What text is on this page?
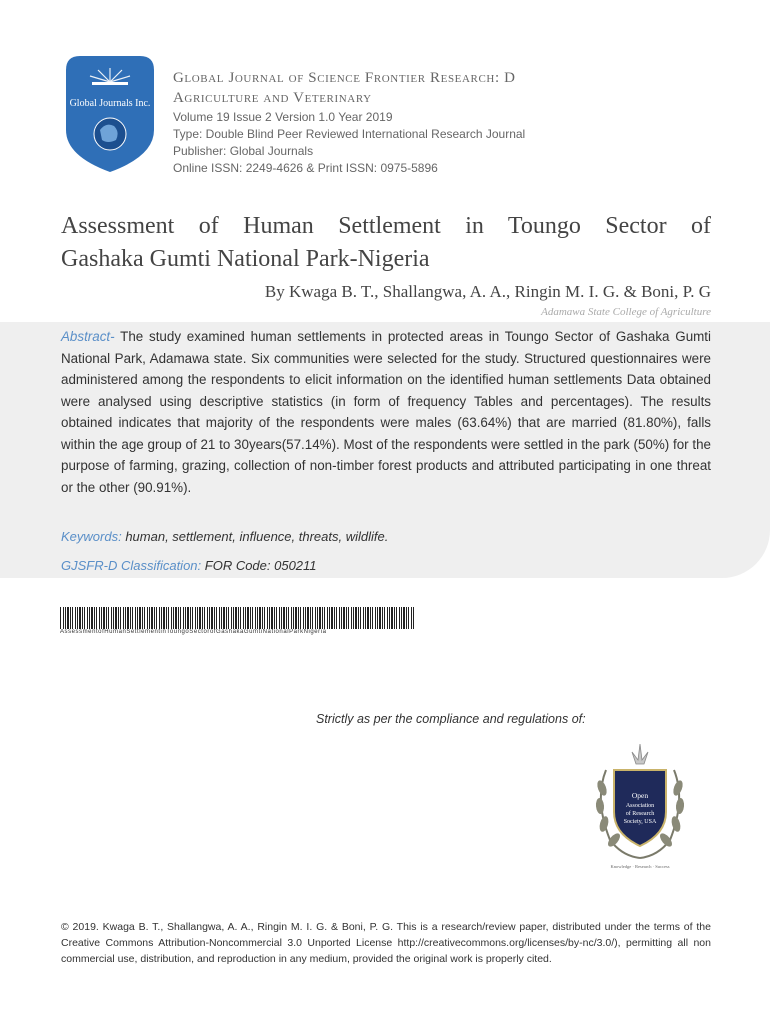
Global Journals Inc.
Global Journal of Science Frontier Research: D
Agriculture and Veterinary
Volume 19 Issue 2 Version 1.0 Year 2019
Type: Double Blind Peer Reviewed International Research Journal
Publisher: Global Journals
Online ISSN: 2249-4626 & Print ISSN: 0975-5896
Assessment of Human Settlement in Toungo Sector of
Gashaka Gumti National Park-Nigeria
By Kwaga B. T., Shallangwa, A. A., Ringin M. I. G. & Boni, P. G
Adamawa State College of Agriculture
Abstract- The study examined human settlements in protected areas in Toungo Sector of Gashaka Gumti National Park, Adamawa state. Six communities were selected for the study. Structured questionnaires were administered among the respondents to elicit information on the identified human settlements Data obtained were analysed using descriptive statistics (in form of frequency Tables and percentages). The results obtained indicates that majority of the respondents were males (63.64%) that are married (81.80%), falls within the age group of 21 to 30years(57.14%). Most of the respondents were settled in the park (50%) for the purpose of farming, grazing, collection of non-timber forest products and attributed participating in one threat or the other (90.91%).
Keywords: human, settlement, influence, threats, wildlife.
GJSFR-D Classification: FOR Code: 050211
AssessmentofHumanSettlementinToungoSectorofGashakaGumtiNationalParkNigeria
Strictly as per the compliance and regulations of:
Open
Association
of Research
Society, USA
Knowledge · Research · Success
© 2019. Kwaga B. T., Shallangwa, A. A., Ringin M. I. G. & Boni, P. G. This is a research/review paper, distributed under the terms of the Creative Commons Attribution-Noncommercial 3.0 Unported License http://creativecommons.org/licenses/by-nc/3.0/), permitting all non commercial use, distribution, and reproduction in any medium, provided the original work is properly cited.
